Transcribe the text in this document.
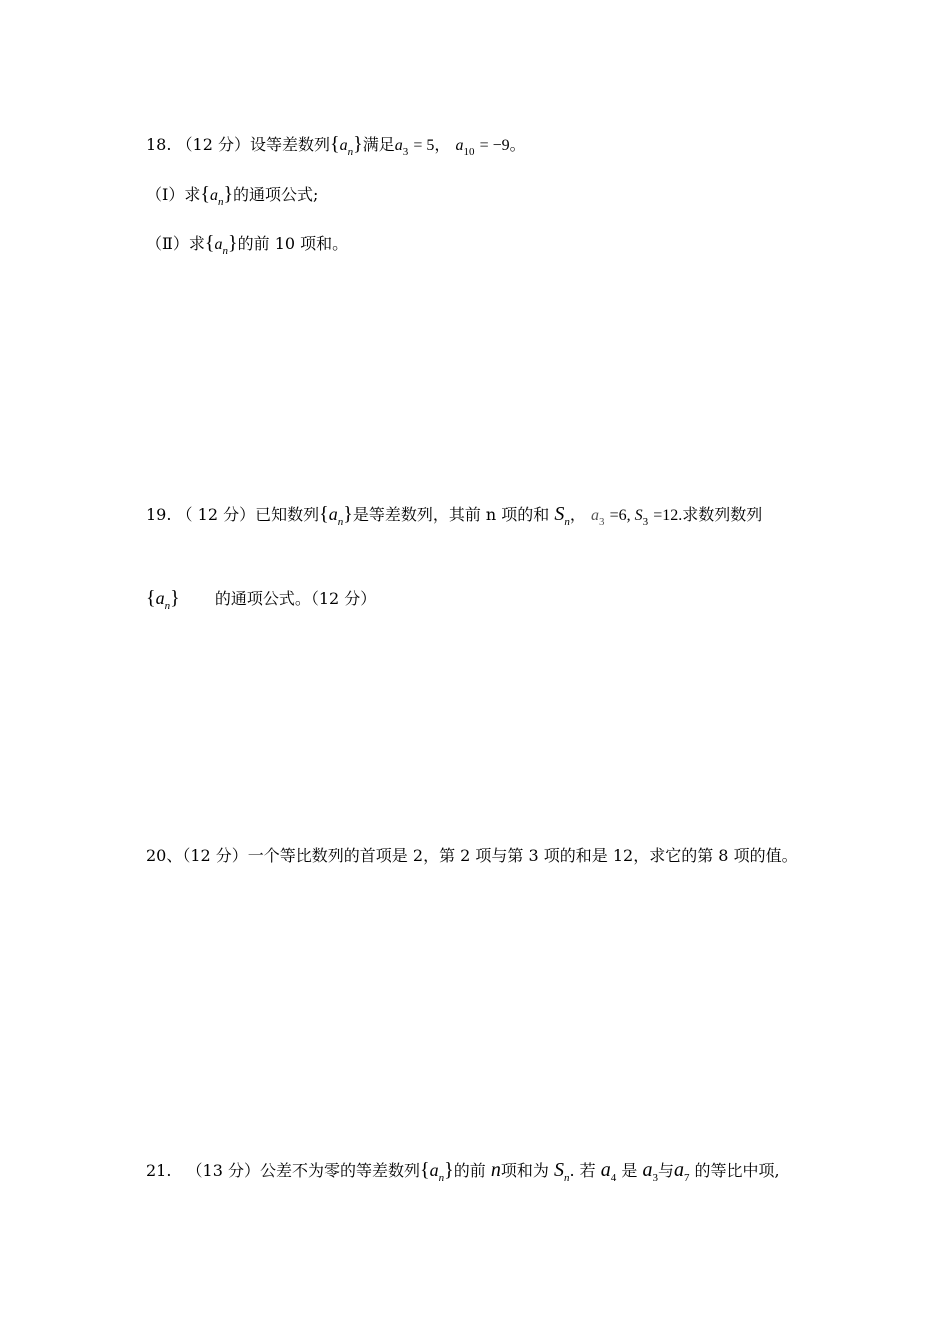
18. （12 分）设等差数列$\{a_n\}$满足$a_3 = 5$， $a_{10} = -9$。
（Ⅰ）求$\{a_n\}$的通项公式;
（Ⅱ）求$\{a_n\}$的前 10 项和。
19. （ 12 分）已知数列$\{a_n\}$是等差数列，其前 n 项的和 $S_n$， $a_3 =6$, $S_3 =12$.求数列数列
$\{a_n\}$ 的通项公式。（12 分）
20、（12 分）一个等比数列的首项是 2，第 2 项与第 3 项的和是 12，求它的第 8 项的值。
21. （13 分）公差不为零的等差数列$\{a_n\}$的前 n项和为 $S_n$. 若 $a_4$ 是 $a_3$与$a_7$ 的等比中项,
